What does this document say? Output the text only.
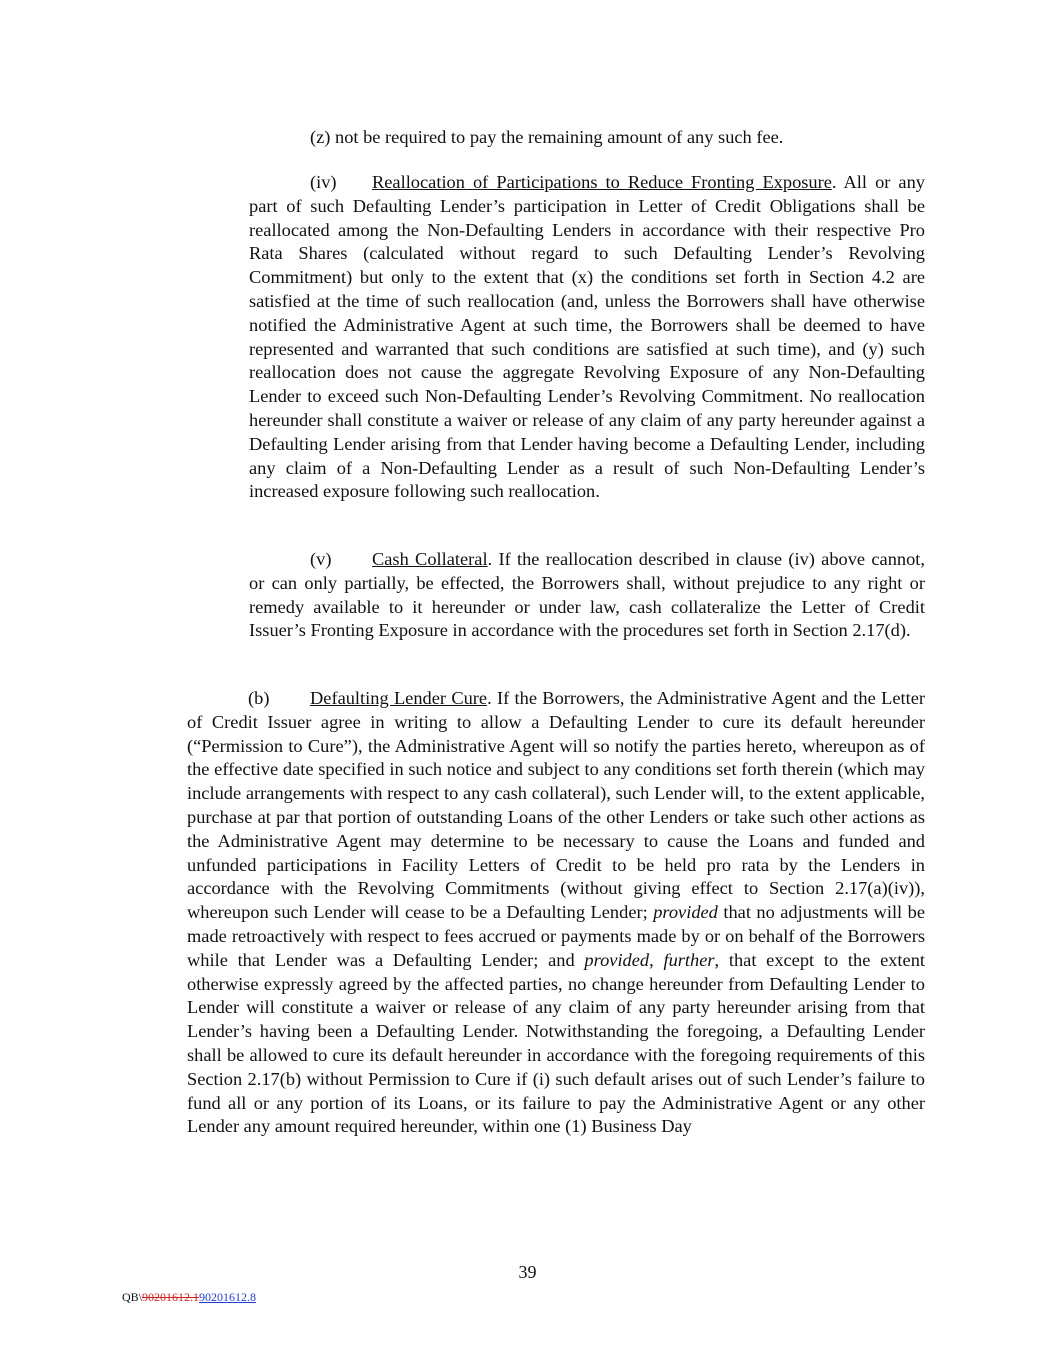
(z) not be required to pay the remaining amount of any such fee.

(iv) Reallocation of Participations to Reduce Fronting Exposure. All or any part of such Defaulting Lender’s participation in Letter of Credit Obligations shall be reallocated among the Non-Defaulting Lenders in accordance with their respective Pro Rata Shares (calculated without regard to such Defaulting Lender’s Revolving Commitment) but only to the extent that (x) the conditions set forth in Section 4.2 are satisfied at the time of such reallocation (and, unless the Borrowers shall have otherwise notified the Administrative Agent at such time, the Borrowers shall be deemed to have represented and warranted that such conditions are satisfied at such time), and (y) such reallocation does not cause the aggregate Revolving Exposure of any Non-Defaulting Lender to exceed such Non-Defaulting Lender’s Revolving Commitment. No reallocation hereunder shall constitute a waiver or release of any claim of any party hereunder against a Defaulting Lender arising from that Lender having become a Defaulting Lender, including any claim of a Non-Defaulting Lender as a result of such Non-Defaulting Lender’s increased exposure following such reallocation.

(v) Cash Collateral. If the reallocation described in clause (iv) above cannot, or can only partially, be effected, the Borrowers shall, without prejudice to any right or remedy available to it hereunder or under law, cash collateralize the Letter of Credit Issuer’s Fronting Exposure in accordance with the procedures set forth in Section 2.17(d).

(b) Defaulting Lender Cure. If the Borrowers, the Administrative Agent and the Letter of Credit Issuer agree in writing to allow a Defaulting Lender to cure its default hereunder (“Permission to Cure”), the Administrative Agent will so notify the parties hereto, whereupon as of the effective date specified in such notice and subject to any conditions set forth therein (which may include arrangements with respect to any cash collateral), such Lender will, to the extent applicable, purchase at par that portion of outstanding Loans of the other Lenders or take such other actions as the Administrative Agent may determine to be necessary to cause the Loans and funded and unfunded participations in Facility Letters of Credit to be held pro rata by the Lenders in accordance with the Revolving Commitments (without giving effect to Section 2.17(a)(iv)), whereupon such Lender will cease to be a Defaulting Lender; provided that no adjustments will be made retroactively with respect to fees accrued or payments made by or on behalf of the Borrowers while that Lender was a Defaulting Lender; and provided, further, that except to the extent otherwise expressly agreed by the affected parties, no change hereunder from Defaulting Lender to Lender will constitute a waiver or release of any claim of any party hereunder arising from that Lender’s having been a Defaulting Lender. Notwithstanding the foregoing, a Defaulting Lender shall be allowed to cure its default hereunder in accordance with the foregoing requirements of this Section 2.17(b) without Permission to Cure if (i) such default arises out of such Lender’s failure to fund all or any portion of its Loans, or its failure to pay the Administrative Agent or any other Lender any amount required hereunder, within one (1) Business Day

39
QB\90201612.190201612.8
